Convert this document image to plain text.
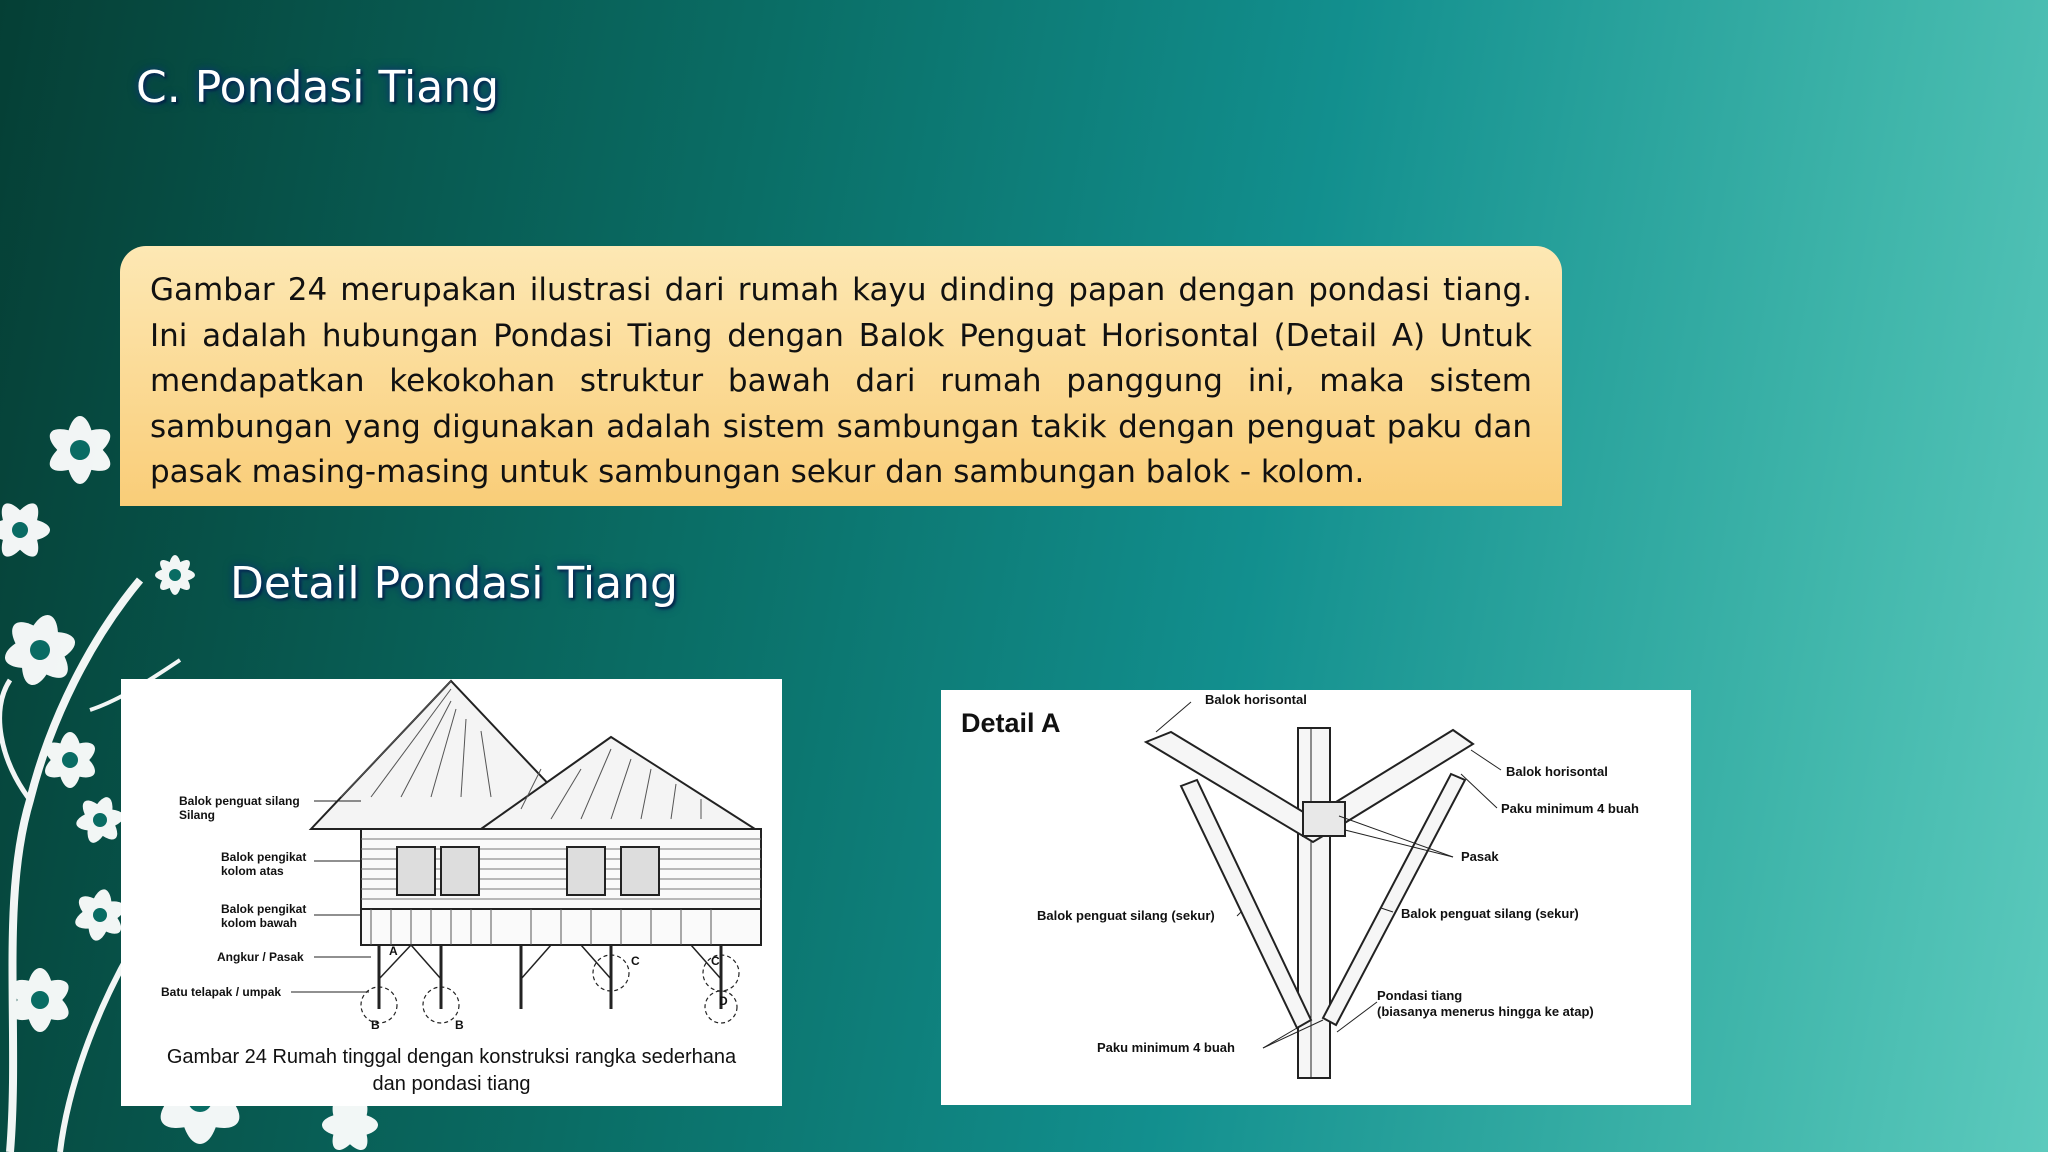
C. Pondasi Tiang

Gambar 24 merupakan ilustrasi dari rumah kayu dinding papan dengan pondasi tiang. Ini adalah hubungan Pondasi Tiang dengan Balok Penguat Horisontal (Detail A) Untuk mendapatkan kekokohan struktur bawah dari rumah panggung ini, maka sistem sambungan yang digunakan adalah sistem sambungan takik dengan penguat paku dan pasak masing-masing untuk sambungan sekur dan sambungan balok - kolom.

Detail Pondasi Tiang
Balok penguat silang
Silang
Balok pengikat
kolom atas
Balok pengikat
kolom bawah
Angkur / Pasak
Batu telapak / umpak
A
B	B
C	C
D
Gambar 24 Rumah tinggal dengan konstruksi rangka sederhana
dan pondasi tiang
Detail A
Balok horisontal
Balok horisontal
Paku minimum 4 buah
Pasak
Balok penguat silang (sekur)	Balok penguat silang (sekur)
Pondasi tiang
(biasanya menerus hingga ke atap)
Paku minimum 4 buah
